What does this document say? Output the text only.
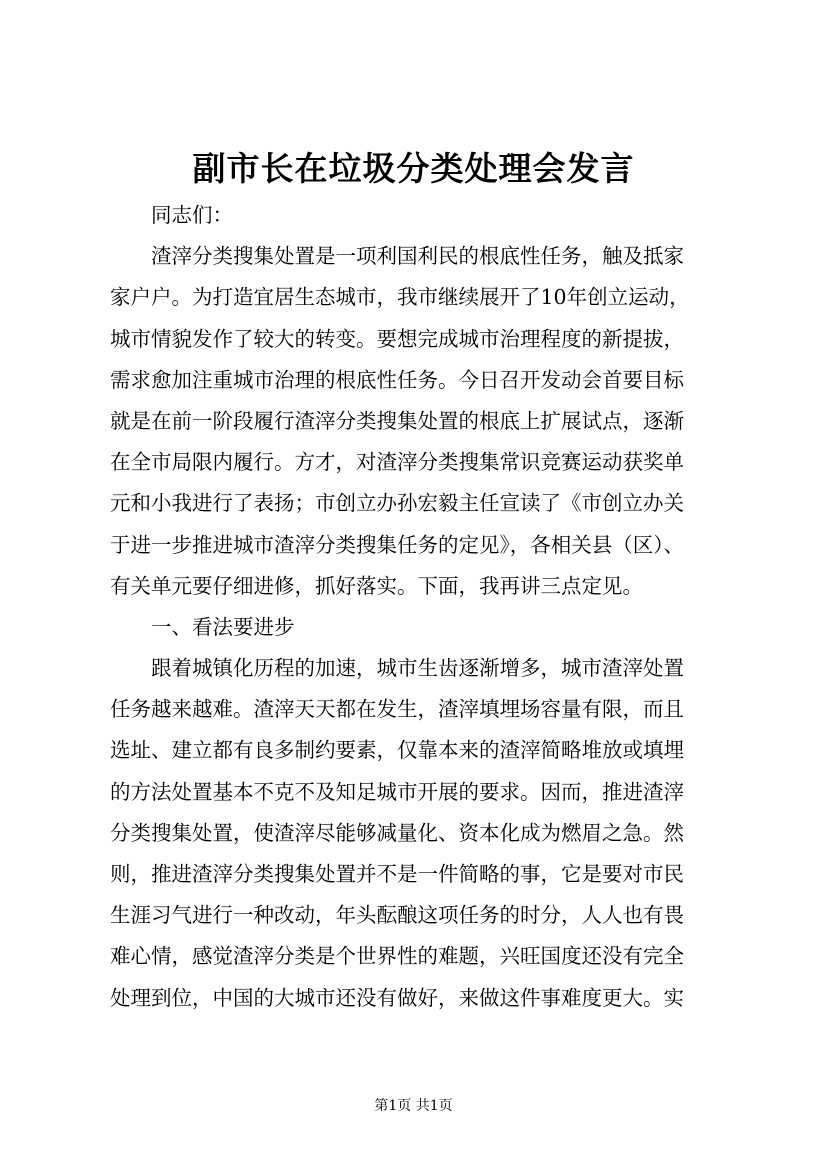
副市长在垃圾分类处理会发言
同志们：
渣滓分类搜集处置是一项利国利民的根底性任务，触及抵家
家户户。为打造宜居生态城市，我市继续展开了10年创立运动，
城市情貌发作了较大的转变。要想完成城市治理程度的新提拔，
需求愈加注重城市治理的根底性任务。今日召开发动会首要目标
就是在前一阶段履行渣滓分类搜集处置的根底上扩展试点，逐渐
在全市局限内履行。方才，对渣滓分类搜集常识竞赛运动获奖单
元和小我进行了表扬；市创立办孙宏毅主任宣读了《市创立办关
于进一步推进城市渣滓分类搜集任务的定见》，各相关县（区）、
有关单元要仔细进修，抓好落实。下面，我再讲三点定见。
一、看法要进步
跟着城镇化历程的加速，城市生齿逐渐增多，城市渣滓处置
任务越来越难。渣滓天天都在发生，渣滓填埋场容量有限，而且
选址、建立都有良多制约要素，仅靠本来的渣滓简略堆放或填埋
的方法处置基本不克不及知足城市开展的要求。因而，推进渣滓
分类搜集处置，使渣滓尽能够减量化、资本化成为燃眉之急。然
则，推进渣滓分类搜集处置并不是一件简略的事，它是要对市民
生涯习气进行一种改动，年头酝酿这项任务的时分，人人也有畏
难心情，感觉渣滓分类是个世界性的难题，兴旺国度还没有完全
处理到位，中国的大城市还没有做好，来做这件事难度更大。实
第1页 共1页
